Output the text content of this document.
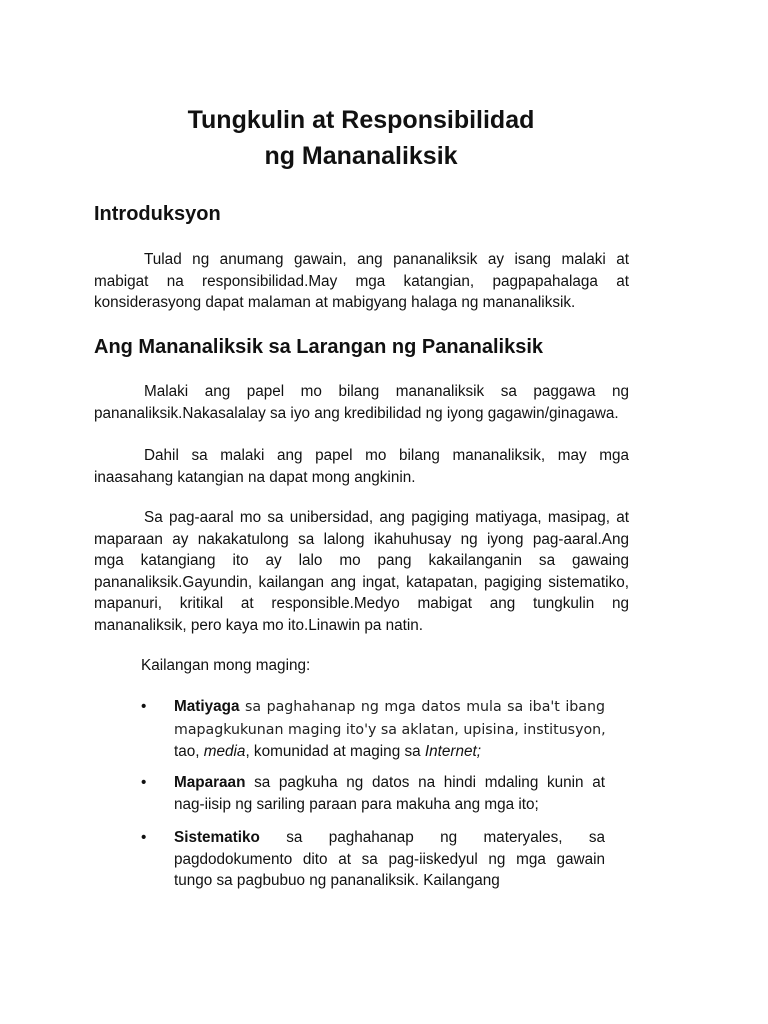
Tungkulin at Responsibilidad
ng Mananaliksik
Introduksyon
Tulad ng anumang gawain, ang pananaliksik ay isang malaki at
mabigat na responsibilidad.May mga katangian, pagpapahalaga at
konsiderasyong dapat malaman at mabigyang halaga ng mananaliksik.
Ang Mananaliksik sa Larangan ng Pananaliksik
Malaki ang papel mo bilang mananaliksik sa paggawa ng
pananaliksik.Nakasalalay sa iyo ang kredibilidad ng iyong gagawin/ginagawa.
Dahil sa malaki ang papel mo bilang mananaliksik, may mga
inaasahang katangian na dapat mong angkinin.
Sa pag-aaral mo sa unibersidad, ang pagiging matiyaga, masipag, at
maparaan ay nakakatulong sa lalong ikahuhusay ng iyong pag-aaral.Ang
mga katangiang ito ay lalo mo pang kakailanganin sa gawaing
pananaliksik.Gayundin, kailangan ang ingat, katapatan, pagiging sistematiko,
mapanuri, kritikal at responsible.Medyo mabigat ang tungkulin ng
mananaliksik, pero kaya mo ito.Linawin pa natin.
Kailangan mong maging:
• Matiyaga sa paghahanap ng mga datos mula sa iba't ibang
mapagkukunan maging ito'y sa aklatan, upisina, institusyon,
tao, media, komunidad at maging sa Internet;
• Maparaan sa pagkuha ng datos na hindi mdaling kunin at
nag-iisip ng sariling paraan para makuha ang mga ito;
• Sistematiko sa paghahanap ng materyales, sa
pagdodokumento dito at sa pag-iiskedyul ng mga gawain
tungo sa pagbubuo ng pananaliksik. Kailangang
